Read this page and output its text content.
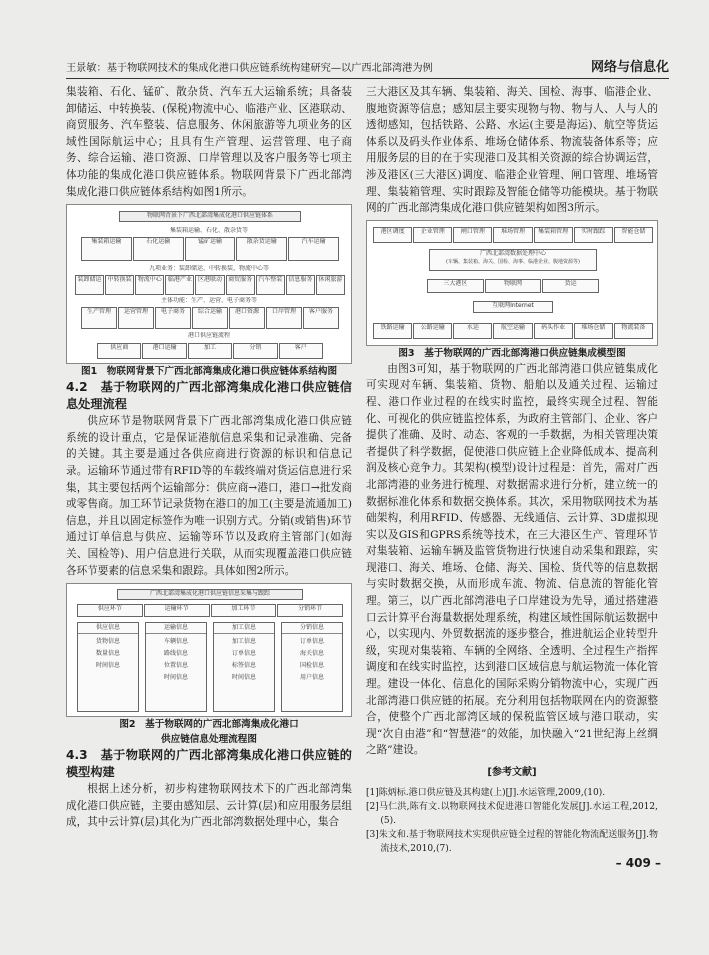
王景敏：基于物联网技术的集成化港口供应链系统构建研究—以广西北部湾港为例	网络与信息化

集装箱、石化、锰矿、散杂货、汽车五大运输系统；具备装卸储运、中转换装、(保税)物流中心、临港产业、区港联动、商贸服务、汽车整装、信息服务、休闲旅游等九项业务的区域性国际航运中心；且具有生产管理、运营管理、电子商务、综合运输、港口资源、口岸管理以及客户服务等七项主体功能的集成化港口供应链体系。物联网背景下广西北部湾集成化港口供应链体系结构如图1所示。

物联网背景下广西北部湾集成化港口供应链体系
集装箱运输、石化、散杂货等
九项业务：装卸储运、中转换装、物流中心等
主体功能：生产、运营、电子商务等
港口供应链流程
集装箱运输	石化运输	锰矿运输	散杂货运输	汽车运输
装卸储运	中转换装	物流中心	临港产业	区港联动	商贸服务	汽车整装	信息服务	休闲旅游
生产管理	运营管理	电子商务	综合运输	港口资源	口岸管理	客户服务
供应商	港口运输	加工	分销	客户
图1　物联网背景下广西北部湾集成化港口供应链体系结构图
4.2　基于物联网的广西北部湾集成化港口供应链信息处理流程

供应环节是物联网背景下广西北部湾集成化港口供应链系统的设计重点，它是保证港航信息采集和记录准确、完备的关键。其主要是通过各供应商进行资源的标识和信息记录。运输环节通过带有RFID等的车载终端对货运信息进行采集，其主要包括两个运输部分：供应商→港口，港口→批发商或零售商。加工环节记录货物在港口的加工(主要是流通加工)信息，并且以固定标签作为唯一识别方式。分销(或销售)环节通过订单信息与供应、运输等环节以及政府主管部门(如海关、国检等)、用户信息进行关联，从而实现覆盖港口供应链各环节要素的信息采集和跟踪。具体如图2所示。

广西北部湾集成化港口供应链信息采集与跟踪
供应环节	运输环节	加工环节	分销环节
供应信息
货物信息
数量信息
时间信息
运输信息
车辆信息
路线信息
位置信息
时间信息
加工信息
加工信息
订单信息
标签信息
时间信息
分销信息
订单信息
海关信息
国检信息
用户信息
图2　基于物联网的广西北部湾集成化港口
供应链信息处理流程图
4.3　基于物联网的广西北部湾集成化港口供应链的模型构建

根据上述分析，初步构建物联网技术下的广西北部湾集成化港口供应链，主要由感知层、云计算(层)和应用服务层组成，其中云计算(层)其化为广西北部湾数据处理中心，集合

三大港区及其车辆、集装箱、海关、国检、海事、临港企业、腹地资源等信息；感知层主要实现物与物、物与人、人与人的透彻感知，包括铁路、公路、水运(主要是海运)、航空等货运体系以及码头作业体系、堆场仓储体系、物流装备体系等；应用服务层的目的在于实现港口及其相关资源的综合协调运营，涉及港区(三大港区)调度、临港企业管理、闸口管理、堆场管理、集装箱管理、实时跟踪及智能仓储等功能模块。基于物联网的广西北部湾集成化港口供应链架构如图3所示。

广西北部湾数据处理中心
(车辆、集装箱、海关、国检、海事、临港企业、腹地资源等)
互联网Internet
港区调度	企业管理	闸口管理	堆场管理	集装箱管理	实时跟踪	智能仓储
三大港区	物联网	货运
铁路运输	公路运输	水运	航空运输	码头作业	堆场仓储	物流装备
图3　基于物联网的广西北部湾港口供应链集成模型图

由图3可知，基于物联网的广西北部湾港口供应链集成化可实现对车辆、集装箱、货物、船舶以及通关过程、运输过程、港口作业过程的在线实时监控，最终实现全过程、智能化、可视化的供应链监控体系，为政府主管部门、企业、客户提供了准确、及时、动态、客观的一手数据，为相关管理决策者提供了科学数据，促使港口供应链上企业降低成本、提高利润及核心竞争力。其架构(模型)设计过程是：首先，需对广西北部湾港的业务进行梳理、对数据需求进行分析，建立统一的数据标准化体系和数据交换体系。其次，采用物联网技术为基础架构，利用RFID、传感器、无线通信、云计算、3D虚拟现实以及GIS和GPRS系统等技术，在三大港区生产、管理环节对集装箱、运输车辆及监管货物进行快速自动采集和跟踪，实现港口、海关、堆场、仓储、海关、国检、货代等的信息数据与实时数据交换，从而形成车流、物流、信息流的智能化管理。第三，以广西北部湾港电子口岸建设为先导，通过搭建港口云计算平台海量数据处理系统，构建区域性国际航运数据中心，以实现内、外贸数据流的逐步整合，推进航运企业转型升级，实现对集装箱、车辆的全网络、全透明、全过程生产指挥调度和在线实时监控，达到港口区域信息与航运物流一体化管理。建设一体化、信息化的国际采购分销物流中心，实现广西北部湾港口供应链的拓展。充分利用包括物联网在内的资源整合，使整个广西北部湾区域的保税监管区域与港口联动，实现“次自由港”和“智慧港”的效能，加快融入“21世纪海上丝绸之路”建设。

[参考文献]

[1]陈炳标.港口供应链及其构建(上)[J].水运管理,2009,(10).

[2]马仁洪,陈有文.以物联网技术促进港口智能化发展[J].水运工程,2012,(5).

[3]朱文和.基于物联网技术实现供应链全过程的智能化物流配送服务[J].物流技术,2010,(7).

– 409 –
